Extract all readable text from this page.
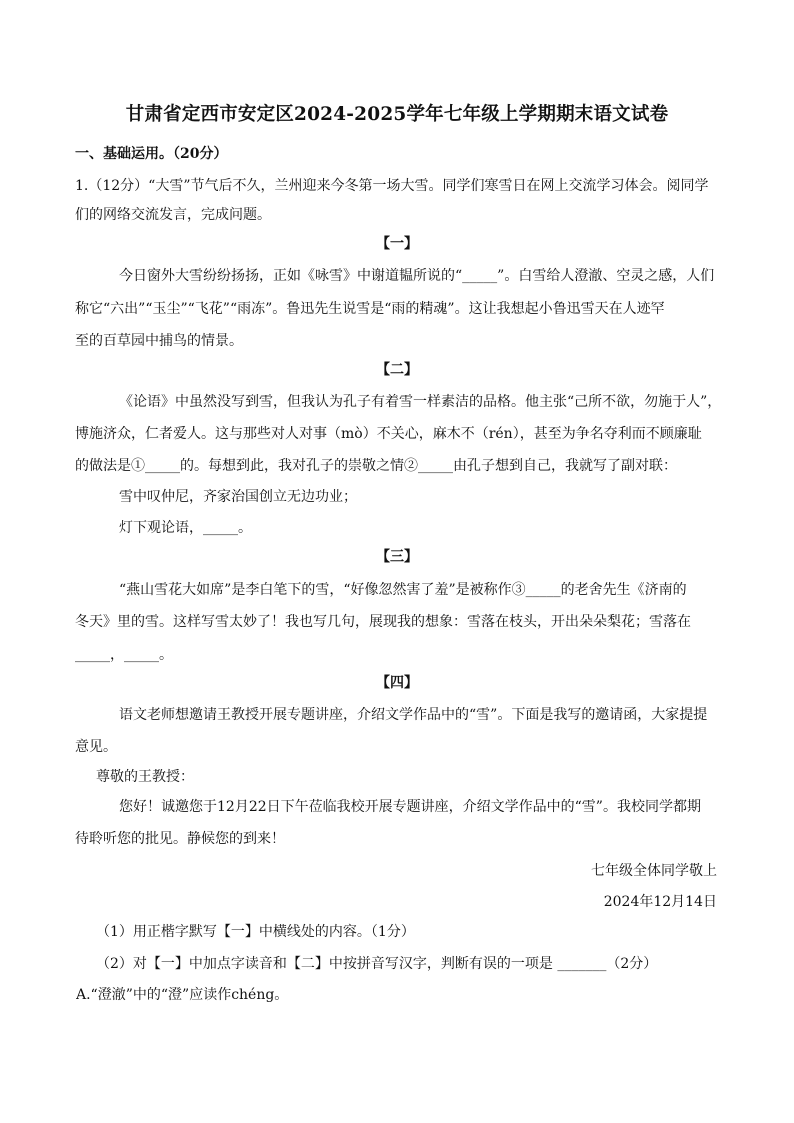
甘肃省定西市安定区2024-2025学年七年级上学期期末语文试卷
一、基础运用。（20分）
1.（12分）“大雪”节气后不久，兰州迎来今冬第一场大雪。同学们寒雪日在网上交流学习体会。阅同学
们的网络交流发言，完成问题。
【一】
今日窗外大雪纷纷扬扬，正如《咏雪》中谢道韫所说的“_____”。白雪给人澄澈、空灵之感，人们
称它“六出”“玉尘”“飞花”“雨冻”。鲁迅先生说雪是“雨的精魂”。这让我想起小鲁迅雪天在人迹罕
至的百草园中捕鸟的情景。
【二】
《论语》中虽然没写到雪，但我认为孔子有着雪一样素洁的品格。他主张“己所不欲，勿施于人”，
博施济众，仁者爱人。这与那些对人对事（mò）不关心，麻木不（rén），甚至为争名夺利而不顾廉耻
的做法是①_____的。每想到此，我对孔子的崇敬之情②_____由孔子想到自己，我就写了副对联：
雪中叹仲尼，齐家治国创立无边功业；
灯下观论语，_____。
【三】
“燕山雪花大如席”是李白笔下的雪，“好像忽然害了羞”是被称作③_____的老舍先生《济南的
冬天》里的雪。这样写雪太妙了！我也写几句，展现我的想象：雪落在枝头，开出朵朵梨花；雪落在
_____，_____。
【四】
语文老师想邀请王教授开展专题讲座，介绍文学作品中的“雪”。下面是我写的邀请函，大家提提
意见。
尊敬的王教授：
您好！诚邀您于12月22日下午莅临我校开展专题讲座，介绍文学作品中的“雪”。我校同学都期
待聆听您的批见。静候您的到来！
七年级全体同学敬上
2024年12月14日
（1）用正楷字默写【一】中横线处的内容。（1分）
（2）对【一】中加点字读音和【二】中按拼音写汉字，判断有误的一项是 _______（2分）
A.“澄澈”中的“澄”应读作chéng。
